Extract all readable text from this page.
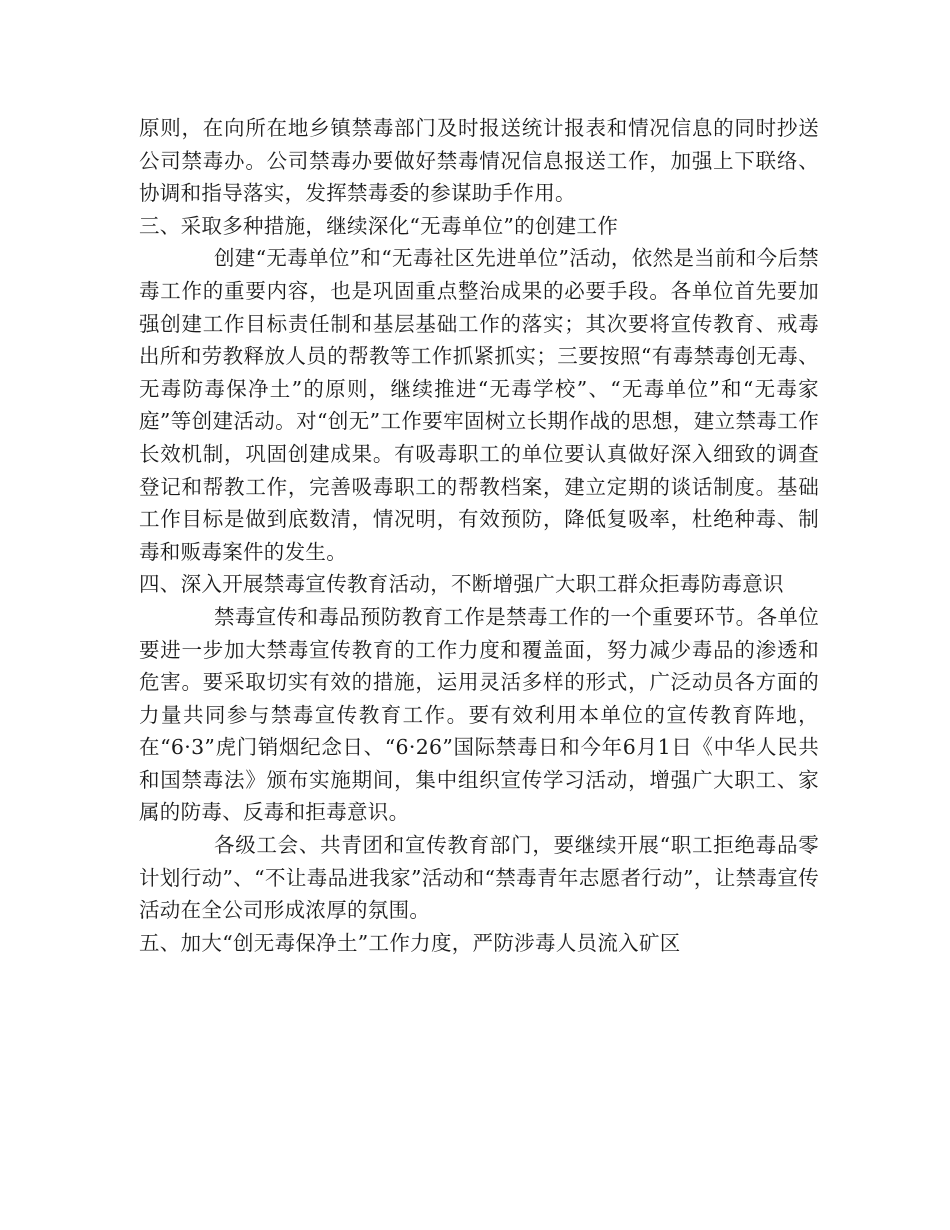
原则，在向所在地乡镇禁毒部门及时报送统计报表和情况信息的同时抄送公司禁毒办。公司禁毒办要做好禁毒情况信息报送工作，加强上下联络、协调和指导落实，发挥禁毒委的参谋助手作用。

三、采取多种措施，继续深化“无毒单位”的创建工作

创建“无毒单位”和“无毒社区先进单位”活动，依然是当前和今后禁毒工作的重要内容，也是巩固重点整治成果的必要手段。各单位首先要加强创建工作目标责任制和基层基础工作的落实；其次要将宣传教育、戒毒出所和劳教释放人员的帮教等工作抓紧抓实；三要按照“有毒禁毒创无毒、无毒防毒保净土”的原则，继续推进“无毒学校”、“无毒单位”和“无毒家庭”等创建活动。对“创无”工作要牢固树立长期作战的思想，建立禁毒工作长效机制，巩固创建成果。有吸毒职工的单位要认真做好深入细致的调查登记和帮教工作，完善吸毒职工的帮教档案，建立定期的谈话制度。基础工作目标是做到底数清，情况明，有效预防，降低复吸率，杜绝种毒、制毒和贩毒案件的发生。

四、深入开展禁毒宣传教育活动，不断增强广大职工群众拒毒防毒意识

禁毒宣传和毒品预防教育工作是禁毒工作的一个重要环节。各单位要进一步加大禁毒宣传教育的工作力度和覆盖面，努力减少毒品的渗透和危害。要采取切实有效的措施，运用灵活多样的形式，广泛动员各方面的力量共同参与禁毒宣传教育工作。要有效利用本单位的宣传教育阵地，在“6·3”虎门销烟纪念日、“6·26”国际禁毒日和今年6月1日《中华人民共和国禁毒法》颁布实施期间，集中组织宣传学习活动，增强广大职工、家属的防毒、反毒和拒毒意识。

各级工会、共青团和宣传教育部门，要继续开展“职工拒绝毒品零计划行动”、“不让毒品进我家”活动和“禁毒青年志愿者行动”，让禁毒宣传活动在全公司形成浓厚的氛围。

五、加大“创无毒保净土”工作力度，严防涉毒人员流入矿区
